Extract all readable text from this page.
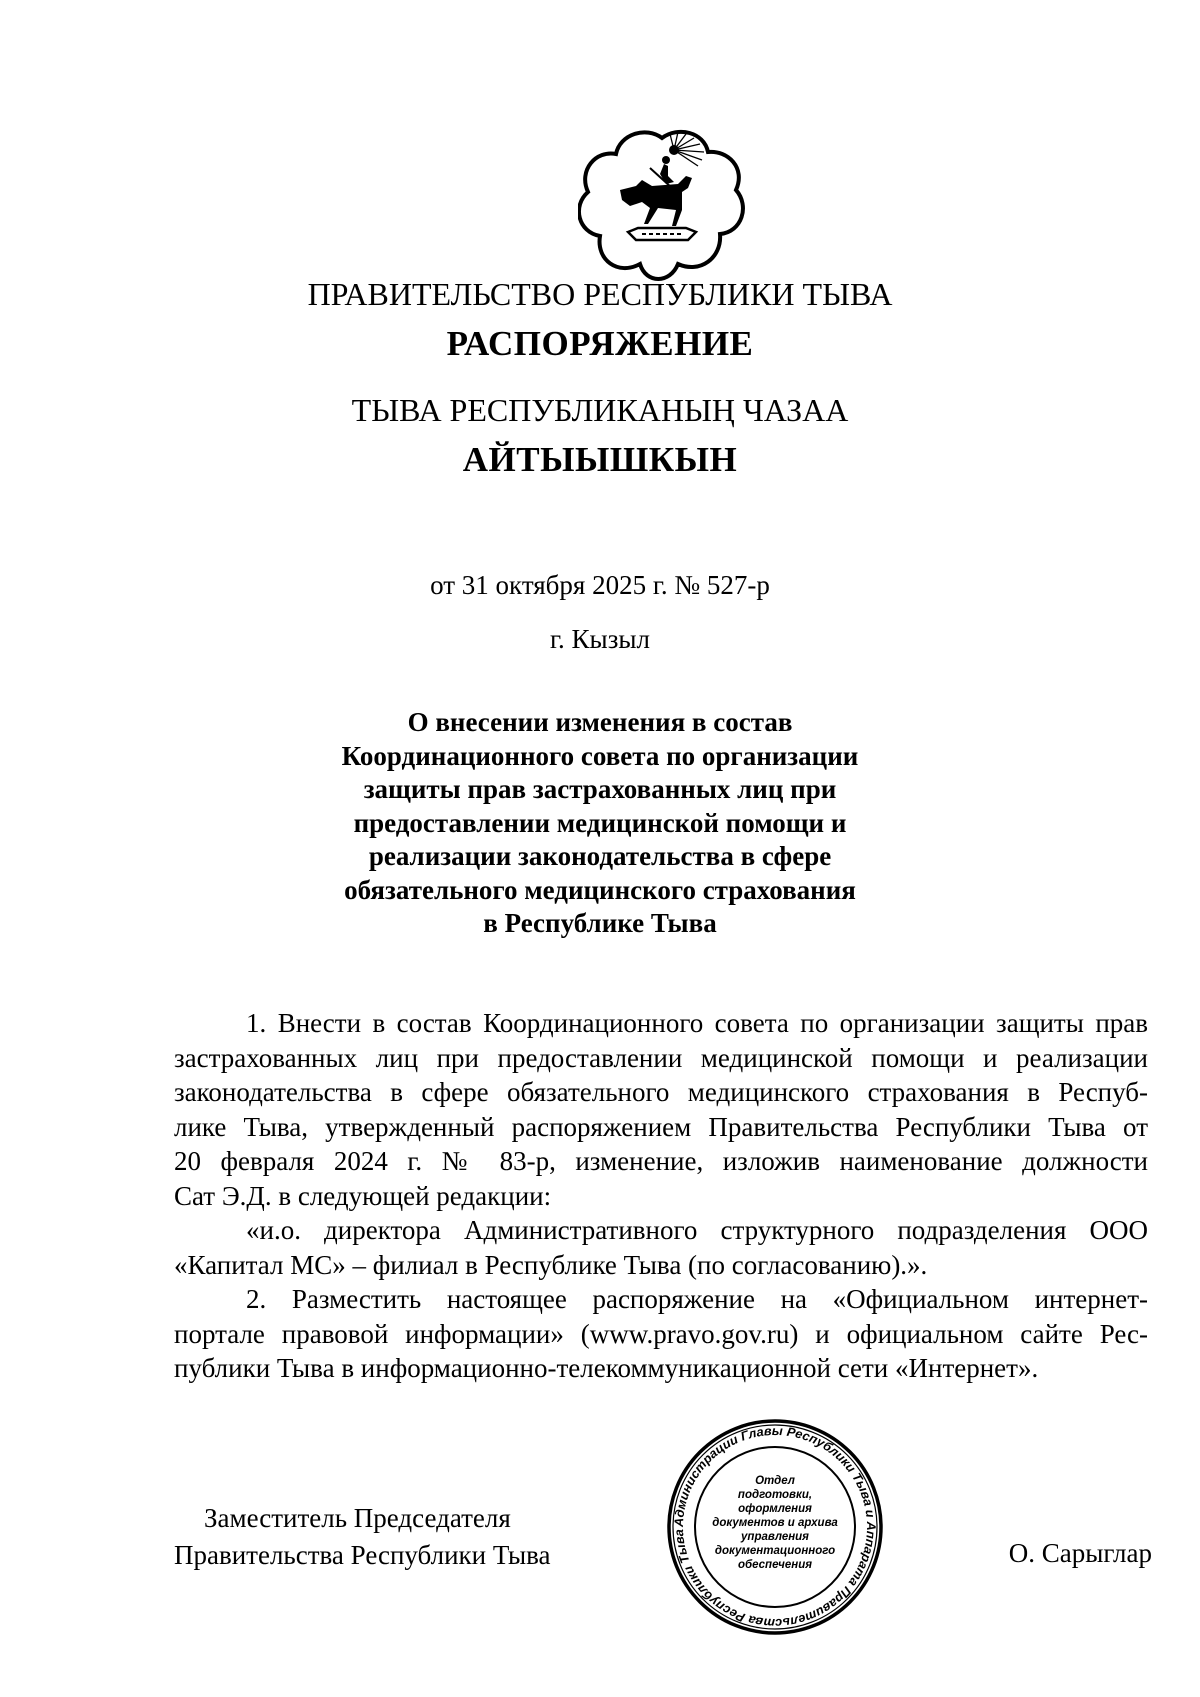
ПРАВИТЕЛЬСТВО РЕСПУБЛИКИ ТЫВА
РАСПОРЯЖЕНИЕ
ТЫВА РЕСПУБЛИКАНЫҢ ЧАЗАА
АЙТЫЫШКЫН
от 31 октября 2025 г. № 527-р
г. Кызыл
О внесении изменения в состав
Координационного совета по организации
защиты прав застрахованных лиц при
предоставлении медицинской помощи и
реализации законодательства в сфере
обязательного медицинского страхования
в Республике Тыва
1. Внести в состав Координационного совета по организации защиты прав
застрахованных лиц при предоставлении медицинской помощи и реализации
законодательства в сфере обязательного медицинского страхования в Респуб-
лике Тыва, утвержденный распоряжением Правительства Республики Тыва от
20 февраля 2024 г. № 83-р, изменение, изложив наименование должности
Сат Э.Д. в следующей редакции:
«и.о. директора Административного структурного подразделения ООО
«Капитал МС» – филиал в Республике Тыва (по согласованию).».
2. Разместить настоящее распоряжение на «Официальном интернет-
портале правовой информации» (www.pravo.gov.ru) и официальном сайте Рес-
публики Тыва в информационно-телекоммуникационной сети «Интернет».
Заместитель Председателя
Правительства Республики Тыва	О. Сарыглар
Администрации Главы Республики Тыва и Аппарата Правительства Республики Тыва
Отдел
подготовки,
оформления
документов и архива
управления
документационного
обеспечения
